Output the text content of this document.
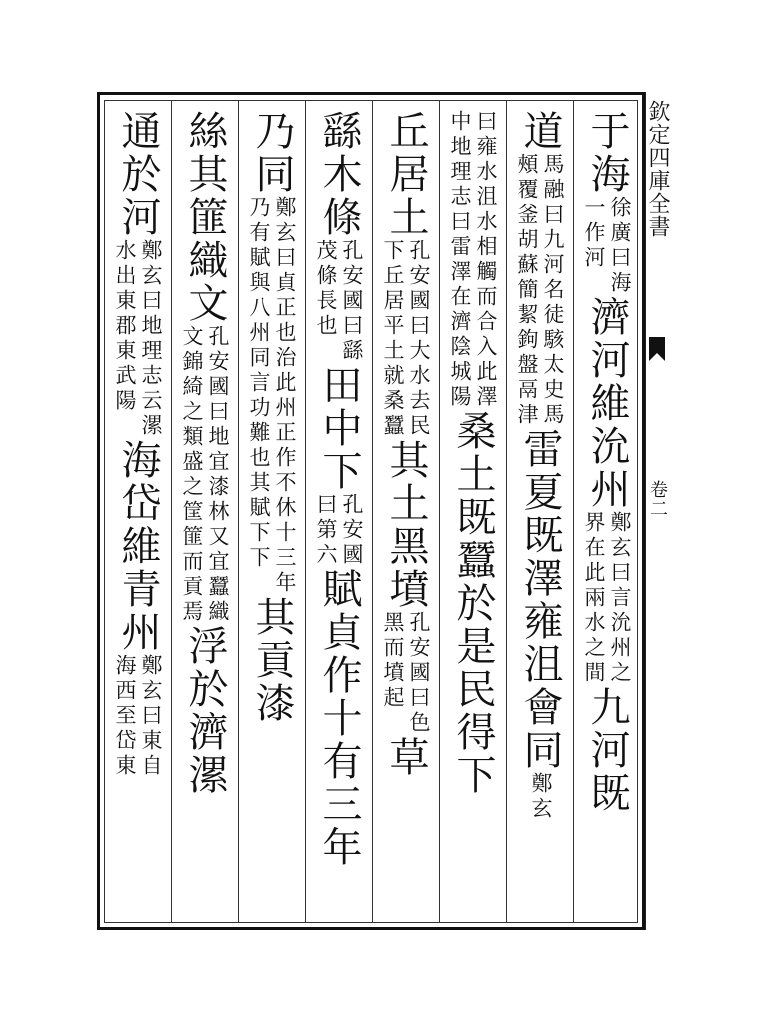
欽定四庫全書
卷二
于海
徐廣曰海
一作河
濟河維沇州
鄭玄曰言沇州之
界在此兩水之間
九河既
道
馬融曰九河名徒駭太史馬
頰覆釜胡蘇簡絜鉤盤鬲津
雷夏既澤雍沮會同
鄭玄
曰雍水沮水相觸而合入此澤
中地理志曰雷澤在濟陰城陽
桑土既蠶於是民得下
丘居土
孔安國曰大水去民
下丘居平土就桑蠶
其土黑墳
孔安國曰色
黑而墳起
草
繇木條
孔安國曰繇
茂條長也
田中下
孔安國
曰第六
賦貞作十有三年
乃同
鄭玄曰貞正也治此州正作不休十三年
乃有賦與八州同言功難也其賦下下
其貢漆
絲其篚織文
孔安國曰地宜漆林又宜蠶織
文錦綺之類盛之筐篚而貢焉
浮於濟漯
通於河
鄭玄曰地理志云漯
水出東郡東武陽
海岱維青州
鄭玄曰東自
海西至岱東
